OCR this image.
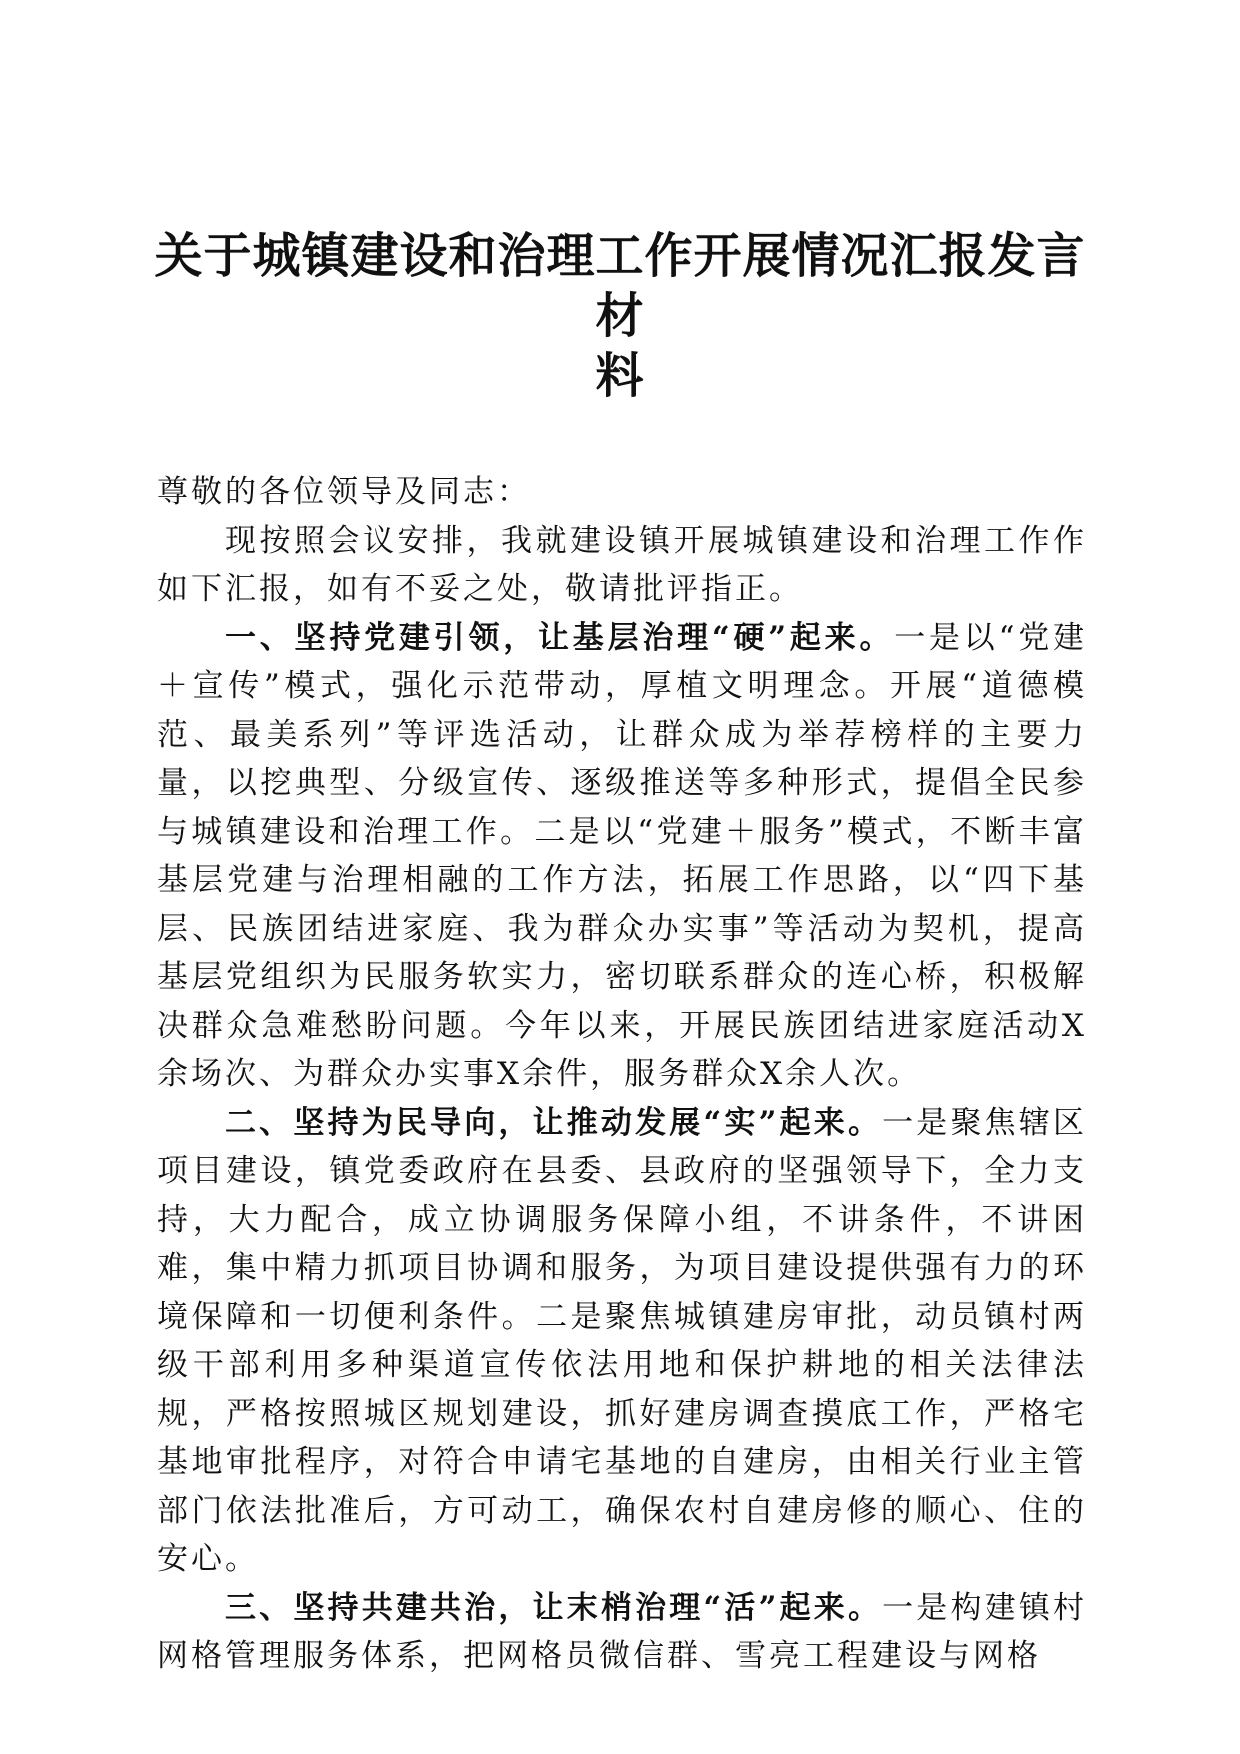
关于城镇建设和治理工作开展情况汇报发言材
料

尊敬的各位领导及同志：

现按照会议安排，我就建设镇开展城镇建设和治理工作作如下汇报，如有不妥之处，敬请批评指正。

一、坚持党建引领，让基层治理“硬”起来。一是以“党建＋宣传”模式，强化示范带动，厚植文明理念。开展“道德模范、最美系列”等评选活动，让群众成为举荐榜样的主要力量，以挖典型、分级宣传、逐级推送等多种形式，提倡全民参与城镇建设和治理工作。二是以“党建＋服务”模式，不断丰富基层党建与治理相融的工作方法，拓展工作思路，以“四下基层、民族团结进家庭、我为群众办实事”等活动为契机，提高基层党组织为民服务软实力，密切联系群众的连心桥，积极解决群众急难愁盼问题。今年以来，开展民族团结进家庭活动X余场次、为群众办实事X余件，服务群众X余人次。

二、坚持为民导向，让推动发展“实”起来。一是聚焦辖区项目建设，镇党委政府在县委、县政府的坚强领导下，全力支持，大力配合，成立协调服务保障小组，不讲条件，不讲困难，集中精力抓项目协调和服务，为项目建设提供强有力的环境保障和一切便利条件。二是聚焦城镇建房审批，动员镇村两级干部利用多种渠道宣传依法用地和保护耕地的相关法律法规，严格按照城区规划建设，抓好建房调查摸底工作，严格宅基地审批程序，对符合申请宅基地的自建房，由相关行业主管部门依法批准后，方可动工，确保农村自建房修的顺心、住的安心。

三、坚持共建共治，让末梢治理“活”起来。一是构建镇村网格管理服务体系，把网格员微信群、雪亮工程建设与网格
